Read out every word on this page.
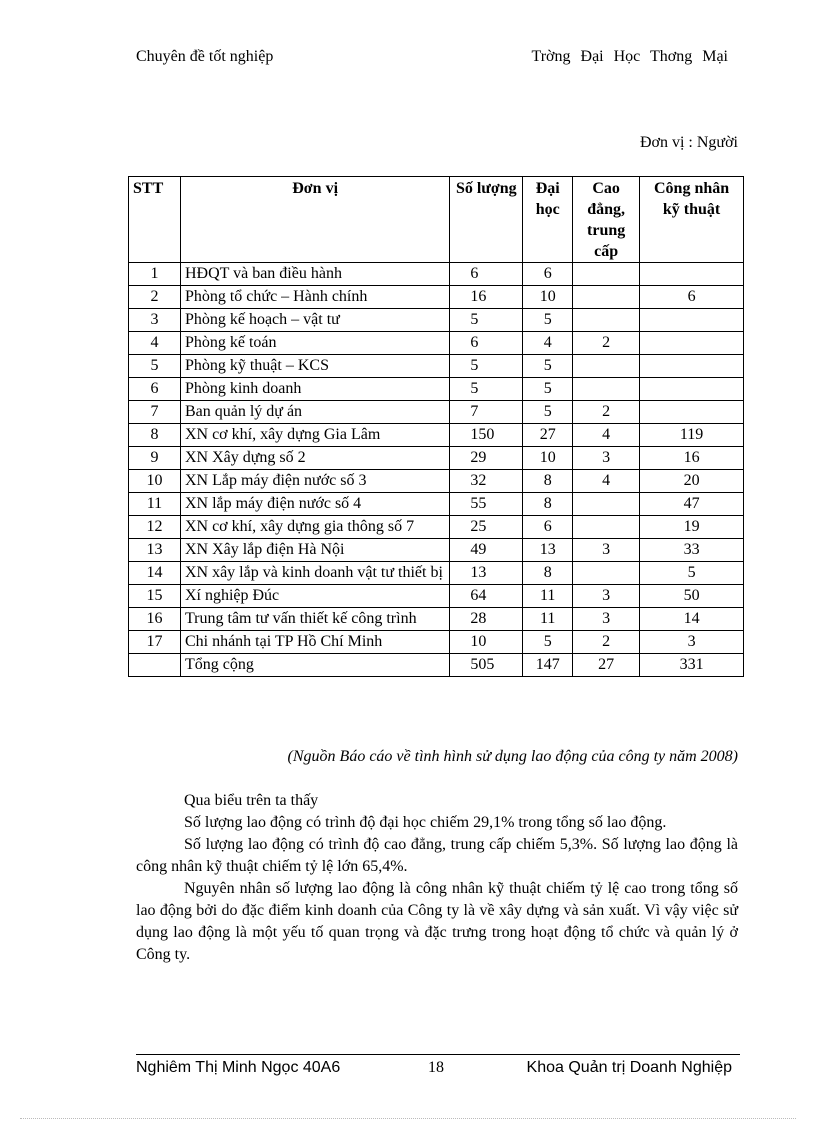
Chuyên đề tốt nghiệp	Trờng Đại Học Thơng Mại
Đơn vị : Người
STT	Đơn vị	Số lượng	Đại học	Cao đẳng, trung cấp	Công nhân kỹ thuật
1	HĐQT và ban điều hành	6	6		
2	Phòng tổ chức – Hành chính	16	10		6
3	Phòng kế hoạch – vật tư	5	5		
4	Phòng kế toán	6	4	2	
5	Phòng kỹ thuật – KCS	5	5		
6	Phòng kinh doanh	5	5		
7	Ban quản lý dự án	7	5	2	
8	XN cơ khí, xây dựng Gia Lâm	150	27	4	119
9	XN Xây dựng số 2	29	10	3	16
10	XN Lắp máy điện nước số 3	32	8	4	20
11	XN lắp máy điện nước số 4	55	8		47
12	XN cơ khí, xây dựng gia thông số 7	25	6		19
13	XN Xây lắp điện Hà Nội	49	13	3	33
14	XN xây lắp và kinh doanh vật tư thiết bị	13	8		5
15	Xí nghiệp Đúc	64	11	3	50
16	Trung tâm tư vấn thiết kế công trình	28	11	3	14
17	Chi nhánh tại TP Hồ Chí Minh	10	5	2	3
	Tổng cộng	505	147	27	331
(Nguồn Báo cáo về tình hình sử dụng lao động của công ty năm 2008)

Qua biểu trên ta thấy

Số lượng lao động có trình độ đại học chiếm 29,1% trong tổng số lao động.

Số lượng lao động có trình độ cao đẳng, trung cấp chiếm 5,3%. Số lượng lao động là công nhân kỹ thuật chiếm tỷ lệ lớn 65,4%.

Nguyên nhân số lượng lao động là công nhân kỹ thuật chiếm tỷ lệ cao trong tổng số lao động bởi do đặc điểm kinh doanh của Công ty là về xây dựng và sản xuất. Vì vậy việc sử dụng lao động là một yếu tố quan trọng và đặc trưng trong hoạt động tổ chức và quản lý ở Công ty.

Nghiêm Thị Minh Ngọc 40A6	18	Khoa Quản trị Doanh Nghiệp
